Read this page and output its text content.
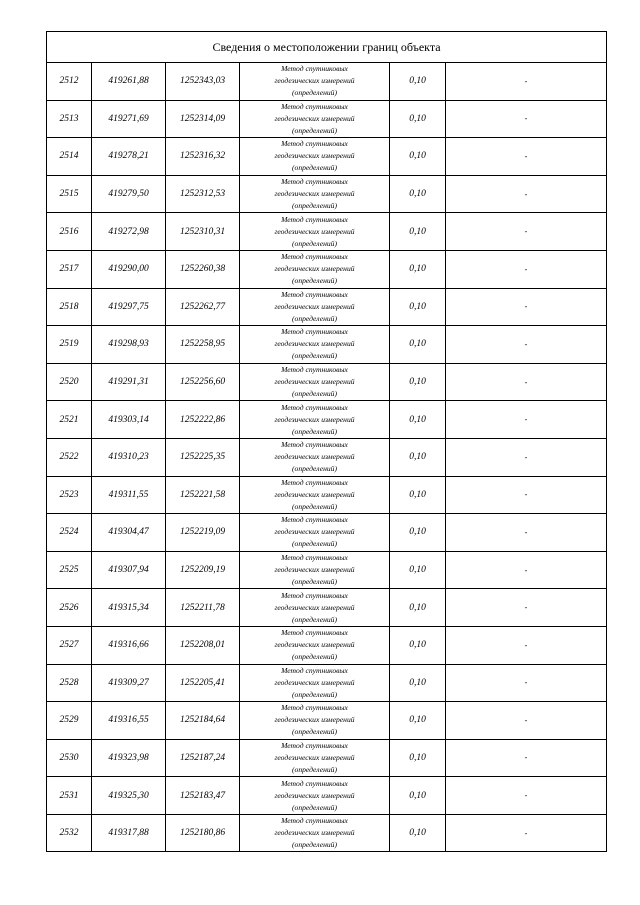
Сведения о местоположении границ объекта					
2512	419261,88	1252343,03	Метод спутниковых
геодезических измерений
(определений)	0,10	-
2513	419271,69	1252314,09	Метод спутниковых
геодезических измерений
(определений)	0,10	-
2514	419278,21	1252316,32	Метод спутниковых
геодезических измерений
(определений)	0,10	-
2515	419279,50	1252312,53	Метод спутниковых
геодезических измерений
(определений)	0,10	-
2516	419272,98	1252310,31	Метод спутниковых
геодезических измерений
(определений)	0,10	-
2517	419290,00	1252260,38	Метод спутниковых
геодезических измерений
(определений)	0,10	-
2518	419297,75	1252262,77	Метод спутниковых
геодезических измерений
(определений)	0,10	-
2519	419298,93	1252258,95	Метод спутниковых
геодезических измерений
(определений)	0,10	-
2520	419291,31	1252256,60	Метод спутниковых
геодезических измерений
(определений)	0,10	-
2521	419303,14	1252222,86	Метод спутниковых
геодезических измерений
(определений)	0,10	-
2522	419310,23	1252225,35	Метод спутниковых
геодезических измерений
(определений)	0,10	-
2523	419311,55	1252221,58	Метод спутниковых
геодезических измерений
(определений)	0,10	-
2524	419304,47	1252219,09	Метод спутниковых
геодезических измерений
(определений)	0,10	-
2525	419307,94	1252209,19	Метод спутниковых
геодезических измерений
(определений)	0,10	-
2526	419315,34	1252211,78	Метод спутниковых
геодезических измерений
(определений)	0,10	-
2527	419316,66	1252208,01	Метод спутниковых
геодезических измерений
(определений)	0,10	-
2528	419309,27	1252205,41	Метод спутниковых
геодезических измерений
(определений)	0,10	-
2529	419316,55	1252184,64	Метод спутниковых
геодезических измерений
(определений)	0,10	-
2530	419323,98	1252187,24	Метод спутниковых
геодезических измерений
(определений)	0,10	-
2531	419325,30	1252183,47	Метод спутниковых
геодезических измерений
(определений)	0,10	-
2532	419317,88	1252180,86	Метод спутниковых
геодезических измерений
(определений)	0,10	-
